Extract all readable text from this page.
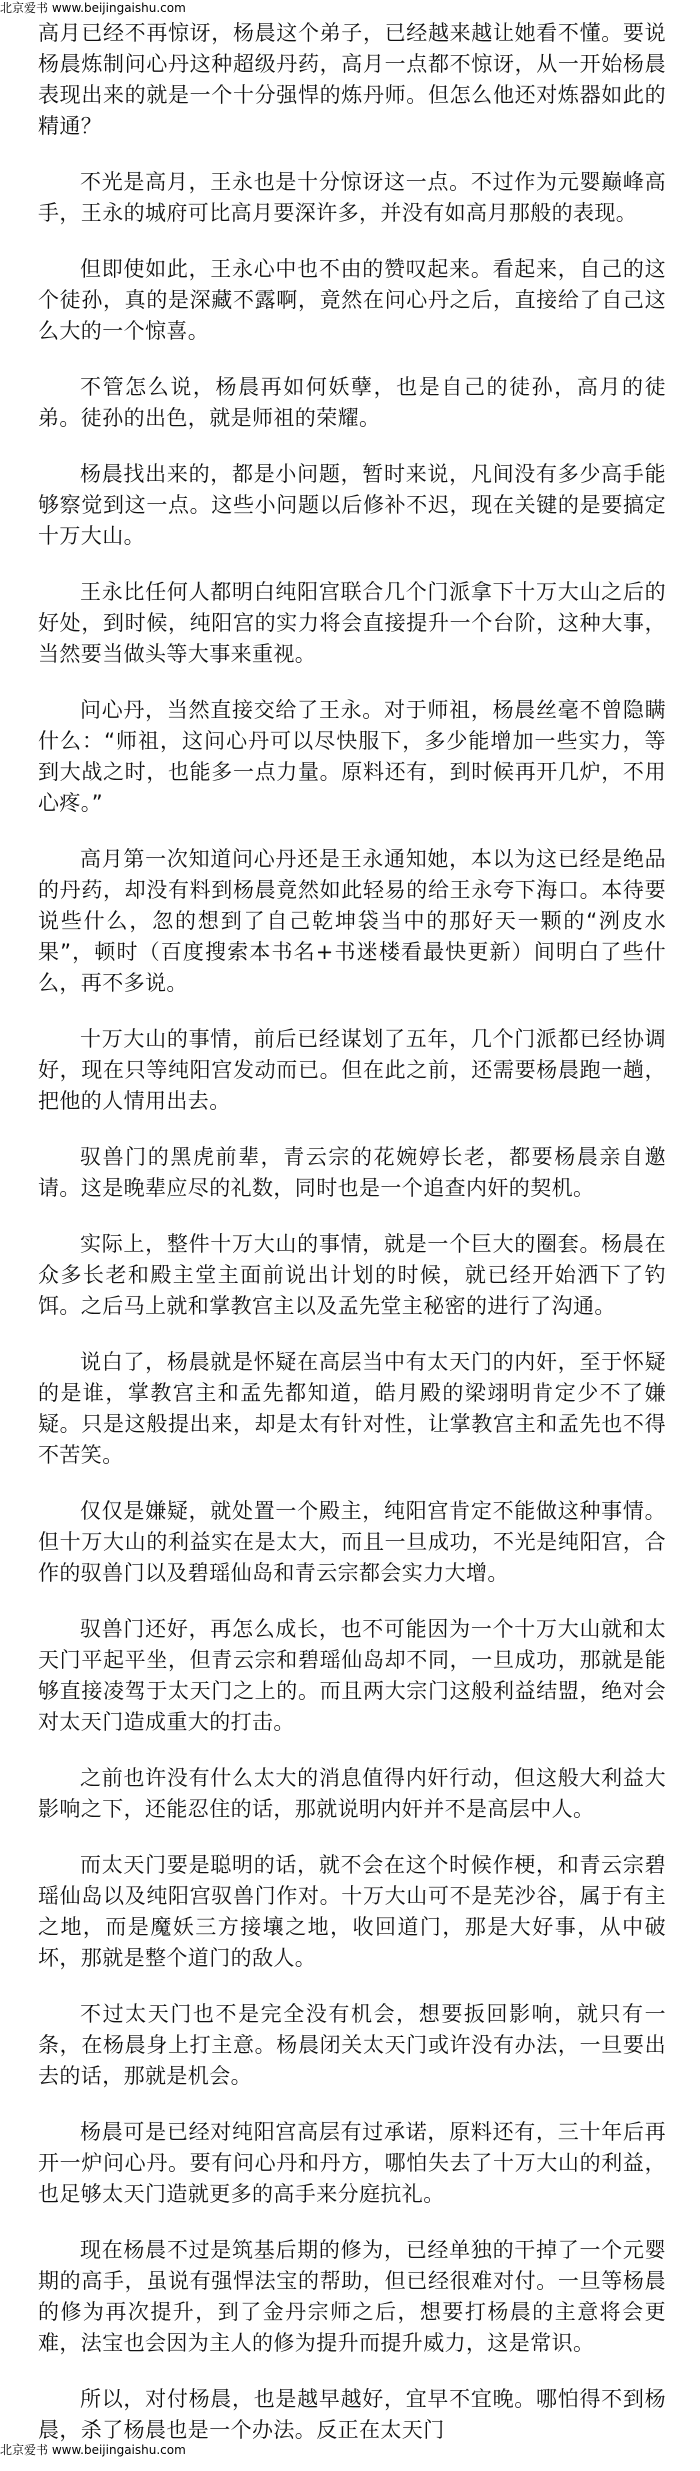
北京爱书 www.beijingaishu.com

高月已经不再惊讶，杨晨这个弟子，已经越来越让她看不懂。要说杨晨炼制问心丹这种超级丹药，高月一点都不惊讶，从一开始杨晨表现出来的就是一个十分强悍的炼丹师。但怎么他还对炼器如此的精通？

不光是高月，王永也是十分惊讶这一点。不过作为元婴巅峰高手，王永的城府可比高月要深许多，并没有如高月那般的表现。

但即使如此，王永心中也不由的赞叹起来。看起来，自己的这个徒孙，真的是深藏不露啊，竟然在问心丹之后，直接给了自己这么大的一个惊喜。

不管怎么说，杨晨再如何妖孽，也是自己的徒孙，高月的徒弟。徒孙的出色，就是师祖的荣耀。

杨晨找出来的，都是小问题，暂时来说，凡间没有多少高手能够察觉到这一点。这些小问题以后修补不迟，现在关键的是要搞定十万大山。

王永比任何人都明白纯阳宫联合几个门派拿下十万大山之后的好处，到时候，纯阳宫的实力将会直接提升一个台阶，这种大事，当然要当做头等大事来重视。

问心丹，当然直接交给了王永。对于师祖，杨晨丝毫不曾隐瞒什么：“师祖，这问心丹可以尽快服下，多少能增加一些实力，等到大战之时，也能多一点力量。原料还有，到时候再开几炉，不用心疼。”

高月第一次知道问心丹还是王永通知她，本以为这已经是绝品的丹药，却没有料到杨晨竟然如此轻易的给王永夸下海口。本待要说些什么，忽的想到了自己乾坤袋当中的那好天一颗的“洌皮水果”，顿时（百度搜索本书名+书迷楼看最快更新）间明白了些什么，再不多说。

十万大山的事情，前后已经谋划了五年，几个门派都已经协调好，现在只等纯阳宫发动而已。但在此之前，还需要杨晨跑一趟，把他的人情用出去。

驭兽门的黑虎前辈，青云宗的花婉婷长老，都要杨晨亲自邀请。这是晚辈应尽的礼数，同时也是一个追查内奸的契机。

实际上，整件十万大山的事情，就是一个巨大的圈套。杨晨在众多长老和殿主堂主面前说出计划的时候，就已经开始洒下了钓饵。之后马上就和掌教宫主以及孟先堂主秘密的进行了沟通。

说白了，杨晨就是怀疑在高层当中有太天门的内奸，至于怀疑的是谁，掌教宫主和孟先都知道，皓月殿的梁翊明肯定少不了嫌疑。只是这般提出来，却是太有针对性，让掌教宫主和孟先也不得不苦笑。

仅仅是嫌疑，就处置一个殿主，纯阳宫肯定不能做这种事情。但十万大山的利益实在是太大，而且一旦成功，不光是纯阳宫，合作的驭兽门以及碧瑶仙岛和青云宗都会实力大增。

驭兽门还好，再怎么成长，也不可能因为一个十万大山就和太天门平起平坐，但青云宗和碧瑶仙岛却不同，一旦成功，那就是能够直接凌驾于太天门之上的。而且两大宗门这般利益结盟，绝对会对太天门造成重大的打击。

之前也许没有什么太大的消息值得内奸行动，但这般大利益大影响之下，还能忍住的话，那就说明内奸并不是高层中人。

而太天门要是聪明的话，就不会在这个时候作梗，和青云宗碧瑶仙岛以及纯阳宫驭兽门作对。十万大山可不是芜沙谷，属于有主之地，而是魔妖三方接壤之地，收回道门，那是大好事，从中破坏，那就是整个道门的敌人。

不过太天门也不是完全没有机会，想要扳回影响，就只有一条，在杨晨身上打主意。杨晨闭关太天门或许没有办法，一旦要出去的话，那就是机会。

杨晨可是已经对纯阳宫高层有过承诺，原料还有，三十年后再开一炉问心丹。要有问心丹和丹方，哪怕失去了十万大山的利益，也足够太天门造就更多的高手来分庭抗礼。

现在杨晨不过是筑基后期的修为，已经单独的干掉了一个元婴期的高手，虽说有强悍法宝的帮助，但已经很难对付。一旦等杨晨的修为再次提升，到了金丹宗师之后，想要打杨晨的主意将会更难，法宝也会因为主人的修为提升而提升威力，这是常识。

所以，对付杨晨，也是越早越好，宜早不宜晚。哪怕得不到杨晨，杀了杨晨也是一个办法。反正在太天门

北京爱书 www.beijingaishu.com
